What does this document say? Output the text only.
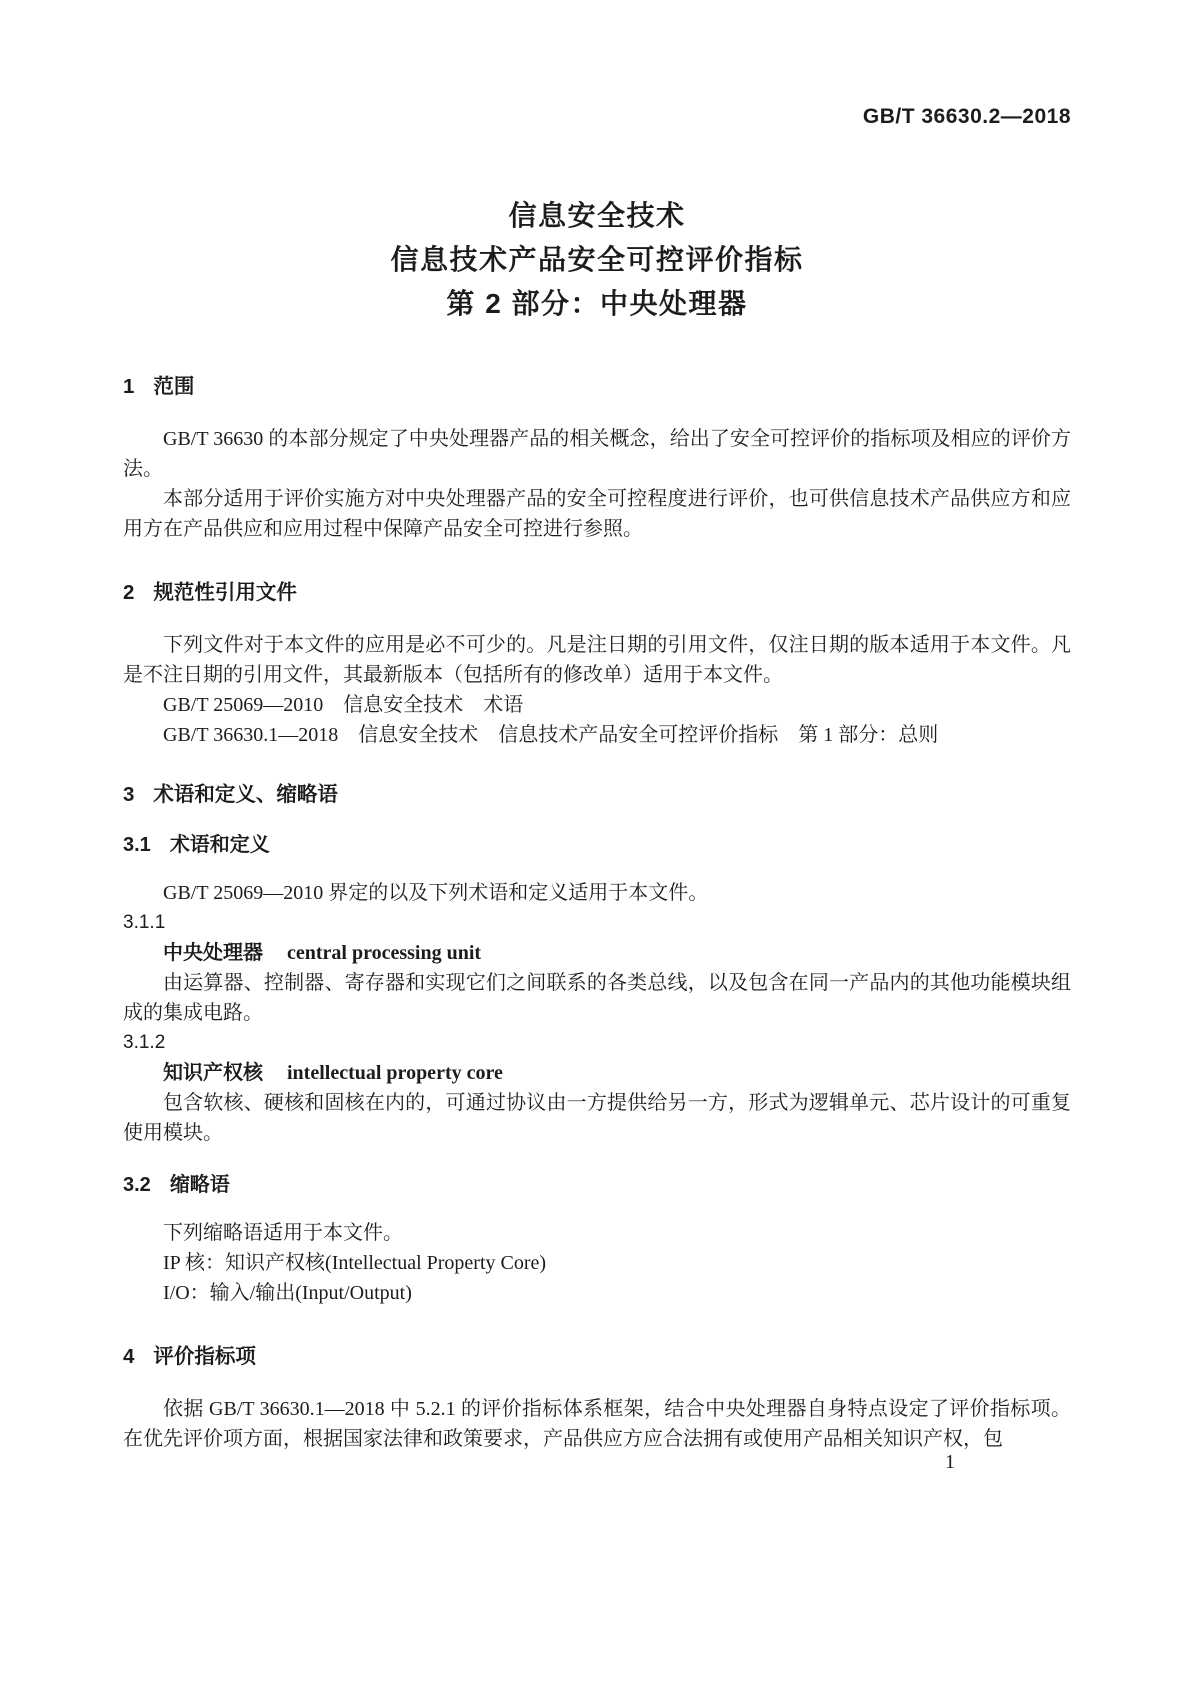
GB/T 36630.2—2018
信息安全技术
信息技术产品安全可控评价指标
第 2 部分：中央处理器
1 范围

GB/T 36630 的本部分规定了中央处理器产品的相关概念，给出了安全可控评价的指标项及相应的评价方法。

本部分适用于评价实施方对中央处理器产品的安全可控程度进行评价，也可供信息技术产品供应方和应用方在产品供应和应用过程中保障产品安全可控进行参照。

2 规范性引用文件

下列文件对于本文件的应用是必不可少的。凡是注日期的引用文件，仅注日期的版本适用于本文件。凡是不注日期的引用文件，其最新版本（包括所有的修改单）适用于本文件。

GB/T 25069—2010　信息安全技术　术语

GB/T 36630.1—2018　信息安全技术　信息技术产品安全可控评价指标　第 1 部分：总则

3 术语和定义、缩略语
3.1 术语和定义

GB/T 25069—2010 界定的以及下列术语和定义适用于本文件。

3.1.1

中央处理器 central processing unit

由运算器、控制器、寄存器和实现它们之间联系的各类总线，以及包含在同一产品内的其他功能模块组成的集成电路。

3.1.2

知识产权核 intellectual property core

包含软核、硬核和固核在内的，可通过协议由一方提供给另一方，形式为逻辑单元、芯片设计的可重复使用模块。

3.2 缩略语

下列缩略语适用于本文件。

IP 核：知识产权核(Intellectual Property Core)

I/O：输入/输出(Input/Output)

4 评价指标项

依据 GB/T 36630.1—2018 中 5.2.1 的评价指标体系框架，结合中央处理器自身特点设定了评价指标项。在优先评价项方面，根据国家法律和政策要求，产品供应方应合法拥有或使用产品相关知识产权，包

1
